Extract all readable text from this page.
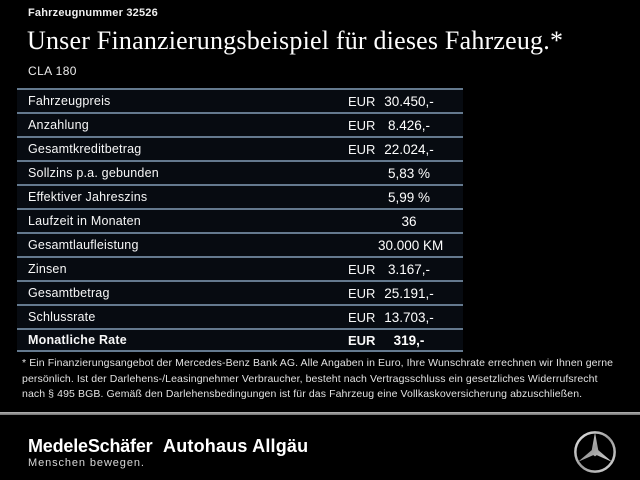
Fahrzeugnummer 32526
Unser Finanzierungsbeispiel für dieses Fahrzeug.*
CLA 180
Fahrzeugpreis	EUR 30.450,-
Anzahlung	EUR 8.426,-
Gesamtkreditbetrag	EUR 22.024,-
Sollzins p.a. gebunden	5,83 %
Effektiver Jahreszins	5,99 %
Laufzeit in Monaten	36
Gesamtlaufleistung	30.000 KM
Zinsen	EUR 3.167,-
Gesamtbetrag	EUR 25.191,-
Schlussrate	EUR 13.703,-
Monatliche Rate	EUR	319,-

* Ein Finanzierungsangebot der Mercedes-Benz Bank AG. Alle Angaben in Euro, Ihre Wunschrate errechnen wir Ihnen gerne persönlich. Ist der Darlehens-/Leasingnehmer Verbraucher, besteht nach Vertragsschluss ein gesetzliches Widerrufsrecht nach § 495 BGB. Gemäß den Darlehensbedingungen ist für das Fahrzeug eine Vollkaskoversicherung abzuschließen.

MedeleSchäfer
Menschen bewegen.
Autohaus Allgäu
